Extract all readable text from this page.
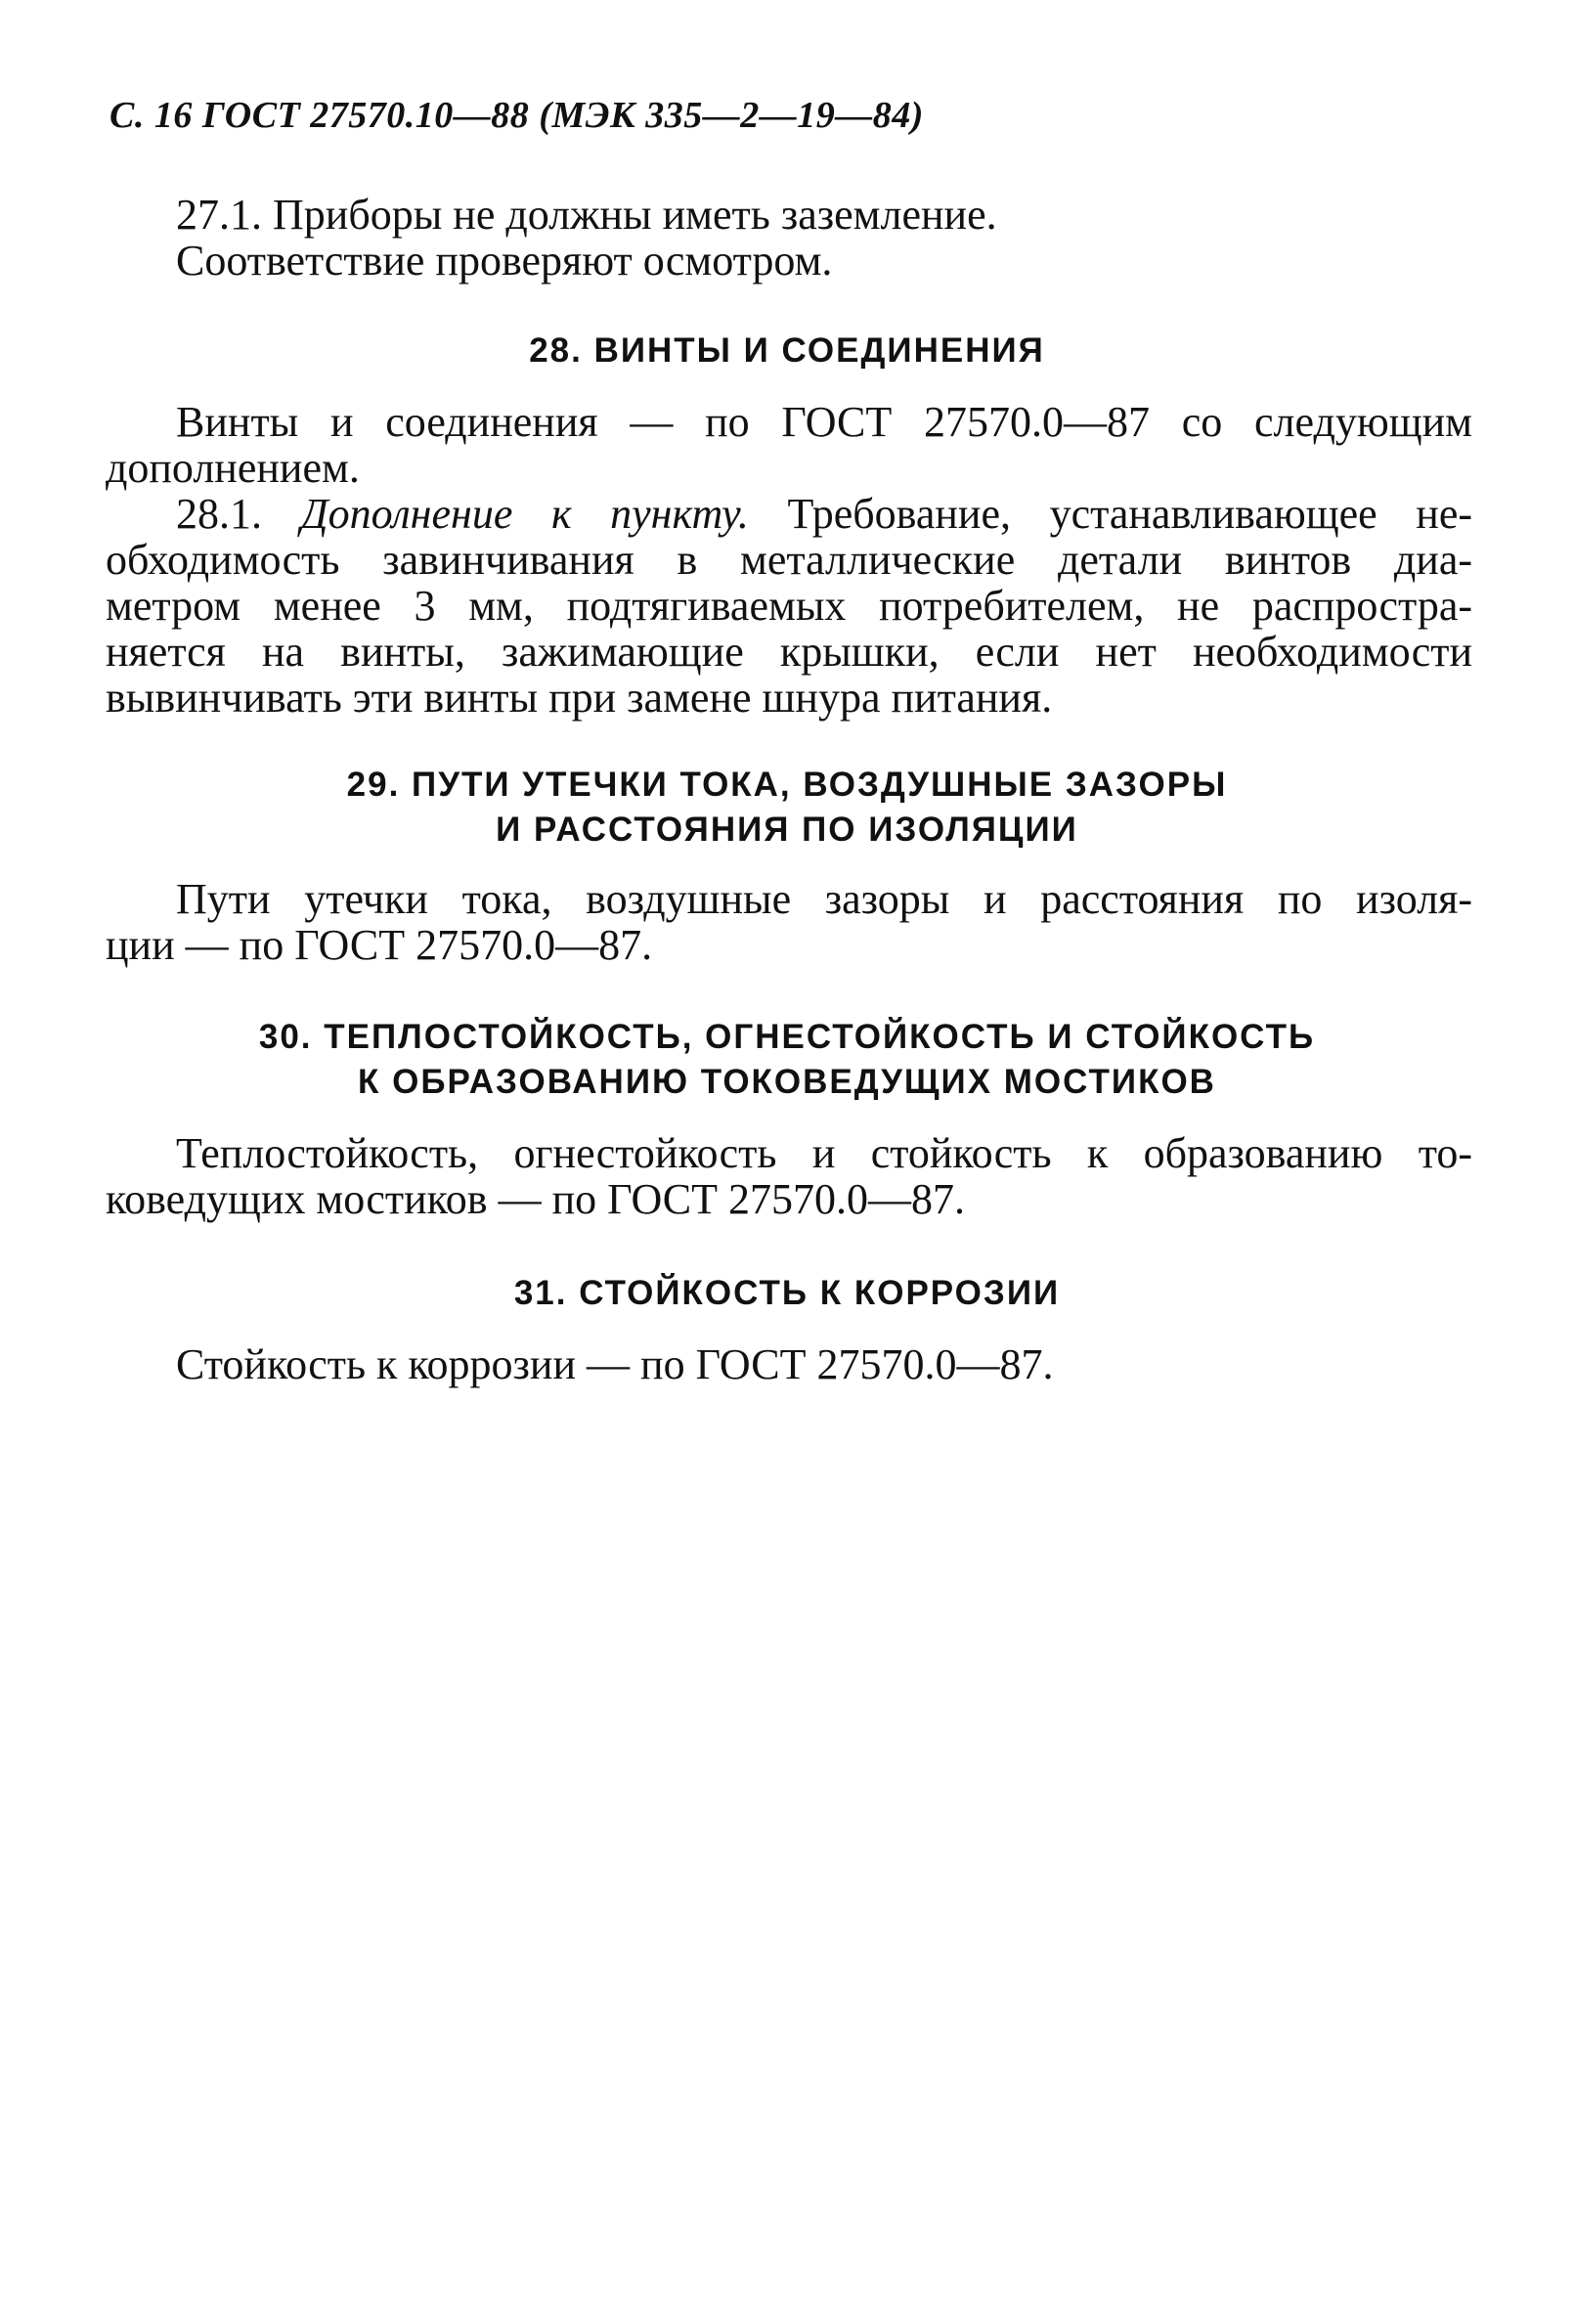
С. 16 ГОСТ 27570.10—88 (МЭК 335—2—19—84)
27.1. Приборы не должны иметь заземление.
Соответствие проверяют осмотром.
28. ВИНТЫ И СОЕДИНЕНИЯ
Винты и соединения — по ГОСТ 27570.0—87 со следующим
дополнением.
28.1. Дополнение к пункту. Требование, устанавливающее не-
обходимость завинчивания в металлические детали винтов диа-
метром менее 3 мм, подтягиваемых потребителем, не распростра-
няется на винты, зажимающие крышки, если нет необходимости
вывинчивать эти винты при замене шнура питания.
29. ПУТИ УТЕЧКИ ТОКА, ВОЗДУШНЫЕ ЗАЗОРЫ
И РАССТОЯНИЯ ПО ИЗОЛЯЦИИ
Пути утечки тока, воздушные зазоры и расстояния по изоля-
ции — по ГОСТ 27570.0—87.
30. ТЕПЛОСТОЙКОСТЬ, ОГНЕСТОЙКОСТЬ И СТОЙКОСТЬ
К ОБРАЗОВАНИЮ ТОКОВЕДУЩИХ МОСТИКОВ
Теплостойкость, огнестойкость и стойкость к образованию то-
коведущих мостиков — по ГОСТ 27570.0—87.
31. СТОЙКОСТЬ К КОРРОЗИИ
Стойкость к коррозии — по ГОСТ 27570.0—87.
